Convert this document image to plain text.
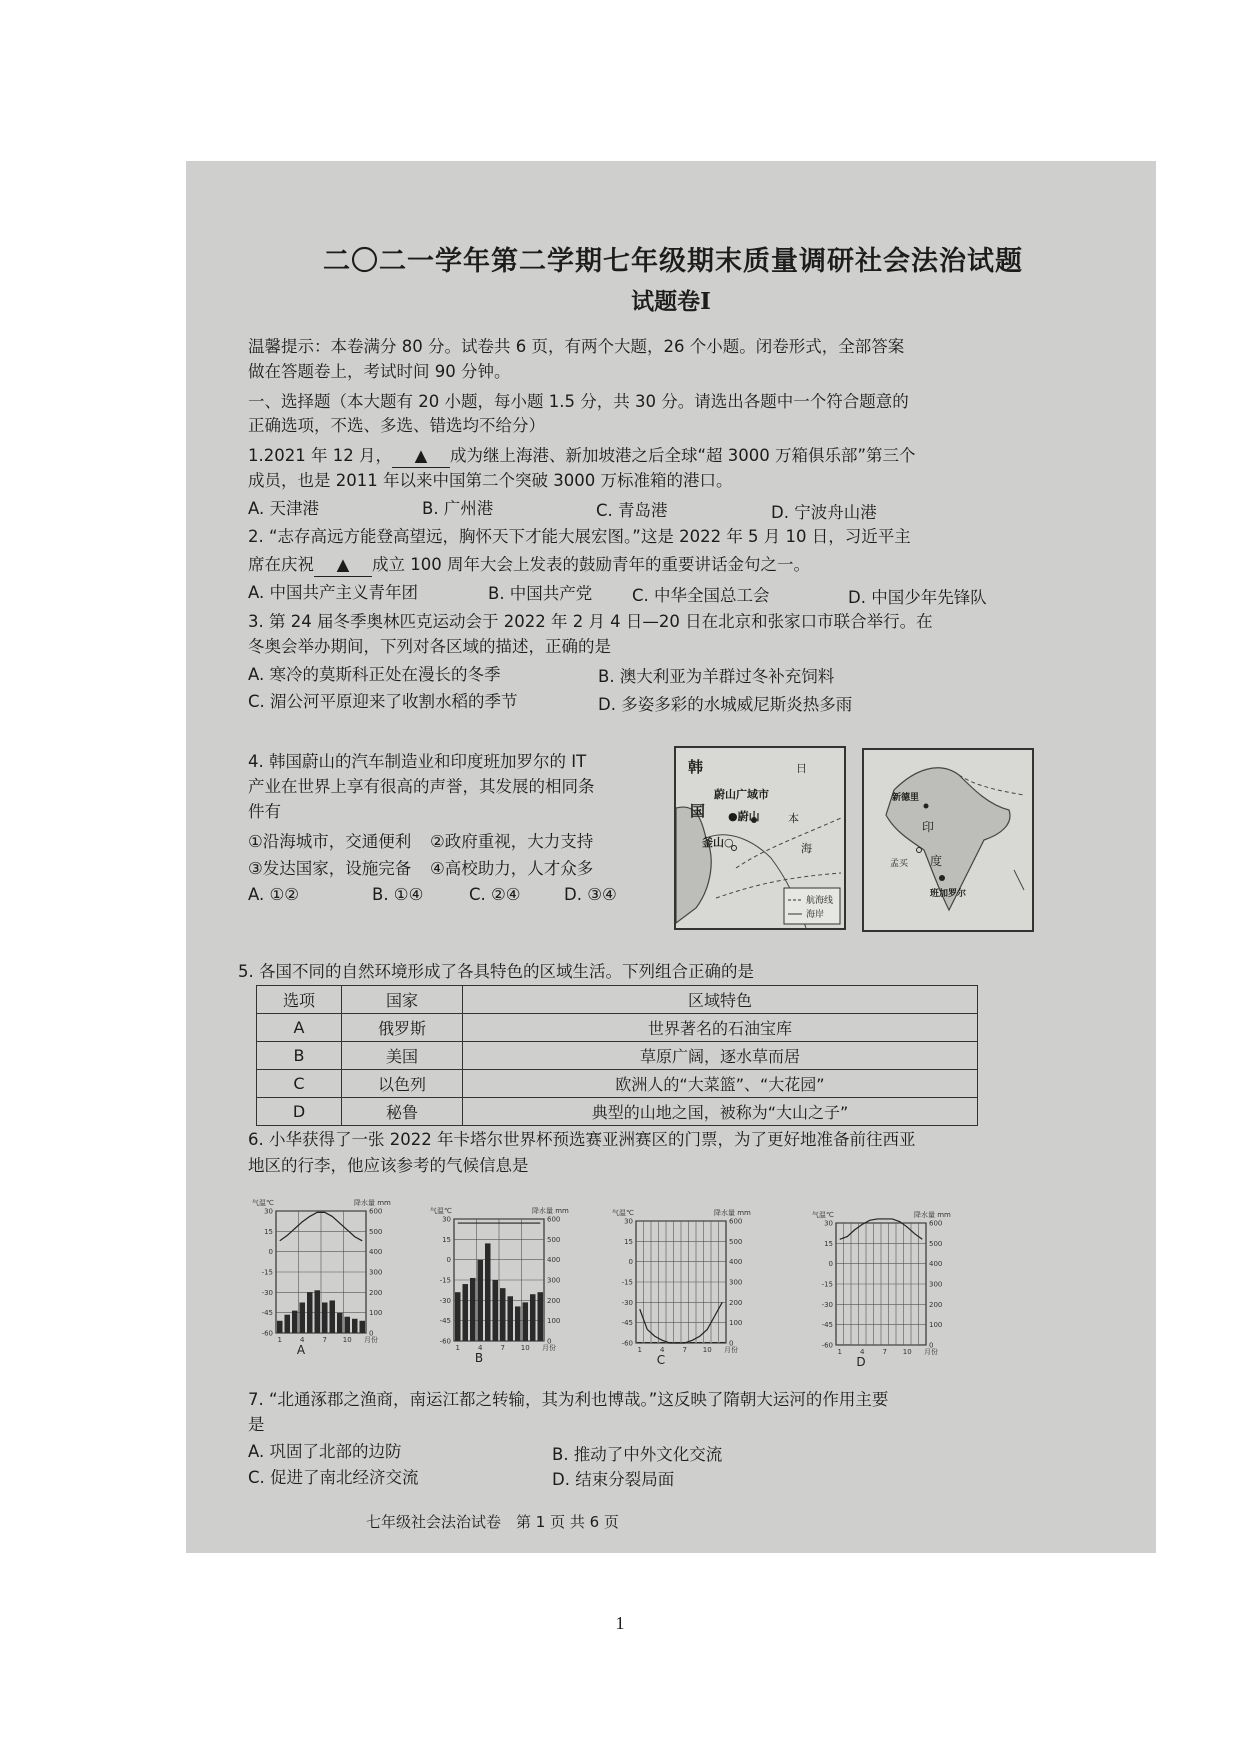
二〇二一学年第二学期七年级期末质量调研社会法治试题
试题卷Ⅰ
温馨提示：本卷满分 80 分。试卷共 6 页，有两个大题，26 个小题。闭卷形式，全部答案
做在答题卷上，考试时间 90 分钟。
一、选择题（本大题有 20 小题，每小题 1.5 分，共 30 分。请选出各题中一个符合题意的
正确选项，不选、多选、错选均不给分）
1.2021 年 12 月， ▲ 成为继上海港、新加坡港之后全球“超 3000 万箱俱乐部”第三个
成员，也是 2011 年以来中国第二个突破 3000 万标准箱的港口。
A. 天津港	B. 广州港	C. 青岛港	D. 宁波舟山港
2. “志存高远方能登高望远，胸怀天下才能大展宏图。”这是 2022 年 5 月 10 日，习近平主
席在庆祝 ▲ 成立 100 周年大会上发表的鼓励青年的重要讲话金句之一。
A. 中国共产主义青年团	B. 中国共产党 C. 中华全国总工会	D. 中国少年先锋队
3. 第 24 届冬季奥林匹克运动会于 2022 年 2 月 4 日—20 日在北京和张家口市联合举行。在
冬奥会举办期间，下列对各区域的描述，正确的是
A. 寒冷的莫斯科正处在漫长的冬季	B. 澳大利亚为羊群过冬补充饲料
C. 湄公河平原迎来了收割水稻的季节	D. 多姿多彩的水城威尼斯炎热多雨
4. 韩国蔚山的汽车制造业和印度班加罗尔的 IT
产业在世界上享有很高的声誉，其发展的相同条
件有
①沿海城市，交通便利 ②政府重视，大力支持
③发达国家，设施完备 ④高校助力，人才众多
A. ①②	B. ①④	C. ②④	D. ③④
韩
国
蔚山广域市
●蔚山
釜山○
日
本
海
航海线
海岸
新德里
印
度
孟买
班加罗尔
5. 各国不同的自然环境形成了各具特色的区域生活。下列组合正确的是
选项	国家	区域特色
A	俄罗斯	世界著名的石油宝库
B	美国	草原广阔，逐水草而居
C	以色列	欧洲人的“大菜篮”、“大花园”
D	秘鲁	典型的山地之国，被称为“大山之子”
6. 小华获得了一张 2022 年卡塔尔世界杯预选赛亚洲赛区的门票，为了更好地准备前往西亚
地区的行李，他应该参考的气候信息是
-60
-45
-30
-15
0
15
30
0
100
200
300
400
500
600
气温℃	降水量 mm
1	4	7 10 月份
A
-60
-45
-30
-15
0
15
30
0
100
200
300
400
500
600
气温℃	降水量 mm
1	4	7 10 月份
B
-60
-45
-30
-15
0
15
30
0
100
200
300
400
500
600
气温℃	降水量 mm
1	4	7 10 月份
C
-60
-45
-30
-15
0
15
30
0
100
200
300
400
500
600
气温℃	降水量 mm
1	4	7 10 月份
D
7. “北通涿郡之渔商，南运江都之转输，其为利也博哉。”这反映了隋朝大运河的作用主要
是
A. 巩固了北部的边防	B. 推动了中外文化交流
C. 促进了南北经济交流	D. 结束分裂局面
七年级社会法治试卷　第 1 页 共 6 页
1
